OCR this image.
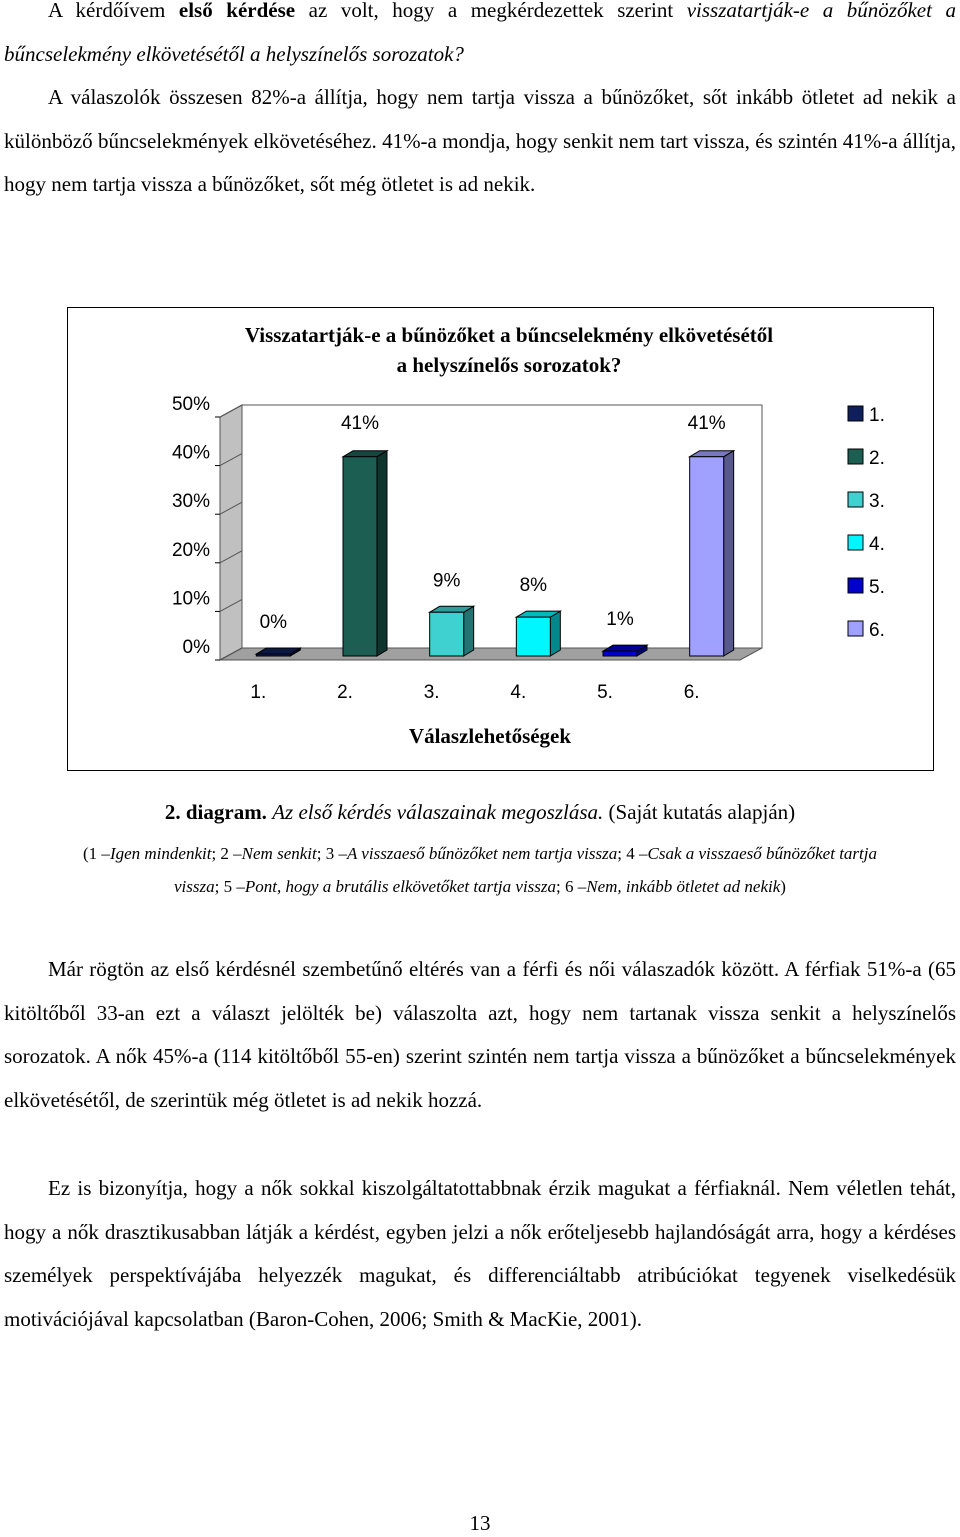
A kérdőívem első kérdése az volt, hogy a megkérdezettek szerint visszatartják-e a bűnözőket a bűncselekmény elkövetésétől a helyszínelős sorozatok?
A válaszolók összesen 82%-a állítja, hogy nem tartja vissza a bűnözőket, sőt inkább ötletet ad nekik a különböző bűncselekmények elkövetéséhez. 41%-a mondja, hogy senkit nem tart vissza, és szintén 41%-a állítja, hogy nem tartja vissza a bűnözőket, sőt még ötletet is ad nekik.

Visszatartják-e a bűnözőket a bűncselekmény elkövetésétől
a helyszínelős sorozatok?
0%
10%
20%
30%
40%
50%
0%
1.
41%
2.
9%
3.
8%
4.
1%
5.
41%
6.
Válaszlehetőségek
1.
2.
3.
4.
5.
6.

2. diagram. Az első kérdés válaszainak megoszlása. (Saját kutatás alapján)

(1 –Igen mindenkit; 2 –Nem senkit; 3 –A visszaeső bűnözőket nem tartja vissza; 4 –Csak a visszaeső bűnözőket tartja vissza; 5 –Pont, hogy a brutális elkövetőket tartja vissza; 6 –Nem, inkább ötletet ad nekik)

Már rögtön az első kérdésnél szembetűnő eltérés van a férfi és női válaszadók között. A férfiak 51%-a (65 kitöltőből 33-an ezt a választ jelölték be) válaszolta azt, hogy nem tartanak vissza senkit a helyszínelős sorozatok. A nők 45%-a (114 kitöltőből 55-en) szerint szintén nem tartja vissza a bűnözőket a bűncselekmények elkövetésétől, de szerintük még ötletet is ad nekik hozzá.

Ez is bizonyítja, hogy a nők sokkal kiszolgáltatottabbnak érzik magukat a férfiaknál. Nem véletlen tehát, hogy a nők drasztikusabban látják a kérdést, egyben jelzi a nők erőteljesebb hajlandóságát arra, hogy a kérdéses személyek perspektívájába helyezzék magukat, és differenciáltabb atribúciókat tegyenek viselkedésük motivációjával kapcsolatban (Baron-Cohen, 2006; Smith & MacKie, 2001).

13
